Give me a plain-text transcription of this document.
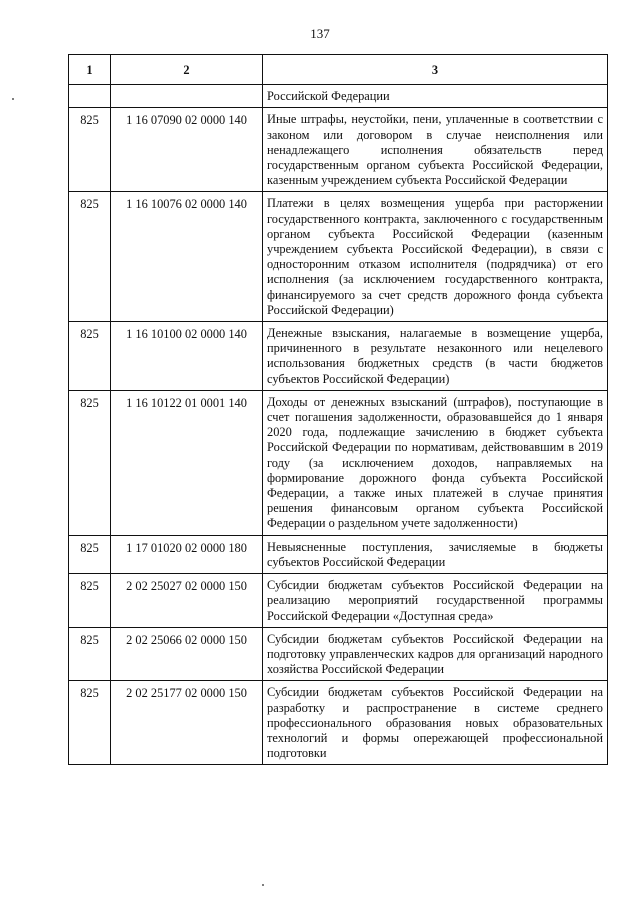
137
1	2	3
		Российской Федерации
825	1 16 07090 02 0000 140	Иные штрафы, неустойки, пени, уплаченные в соответствии с законом или договором в случае неисполнения или ненадлежащего исполнения обязательств перед государственным органом субъекта Российской Федерации, казенным учреждением субъекта Российской Федерации
825	1 16 10076 02 0000 140	Платежи в целях возмещения ущерба при расторжении государственного контракта, заключенного с государственным органом субъекта Российской Федерации (казенным учреждением субъекта Российской Федерации), в связи с односторонним отказом исполнителя (подрядчика) от его исполнения (за исключением государственного контракта, финансируемого за счет средств дорожного фонда субъекта Российской Федерации)
825	1 16 10100 02 0000 140	Денежные взыскания, налагаемые в возмещение ущерба, причиненного в результате незаконного или нецелевого использования бюджетных средств (в части бюджетов субъектов Российской Федерации)
825	1 16 10122 01 0001 140	Доходы от денежных взысканий (штрафов), поступающие в счет погашения задолженности, образовавшейся до 1 января 2020 года, подлежащие зачислению в бюджет субъекта Российской Федерации по нормативам, действовавшим в 2019 году (за исключением доходов, направляемых на формирование дорожного фонда субъекта Российской Федерации, а также иных платежей в случае принятия решения финансовым органом субъекта Российской Федерации о раздельном учете задолженности)
825	1 17 01020 02 0000 180	Невыясненные поступления, зачисляемые в бюджеты субъектов Российской Федерации
825	2 02 25027 02 0000 150	Субсидии бюджетам субъектов Российской Федерации на реализацию мероприятий государственной программы Российской Федерации «Доступная среда»
825	2 02 25066 02 0000 150	Субсидии бюджетам субъектов Российской Федерации на подготовку управленческих кадров для организаций народного хозяйства Российской Федерации
825	2 02 25177 02 0000 150	Субсидии бюджетам субъектов Российской Федерации на разработку и распространение в системе среднего профессионального образования новых образовательных технологий и формы опережающей профессиональной подготовки
